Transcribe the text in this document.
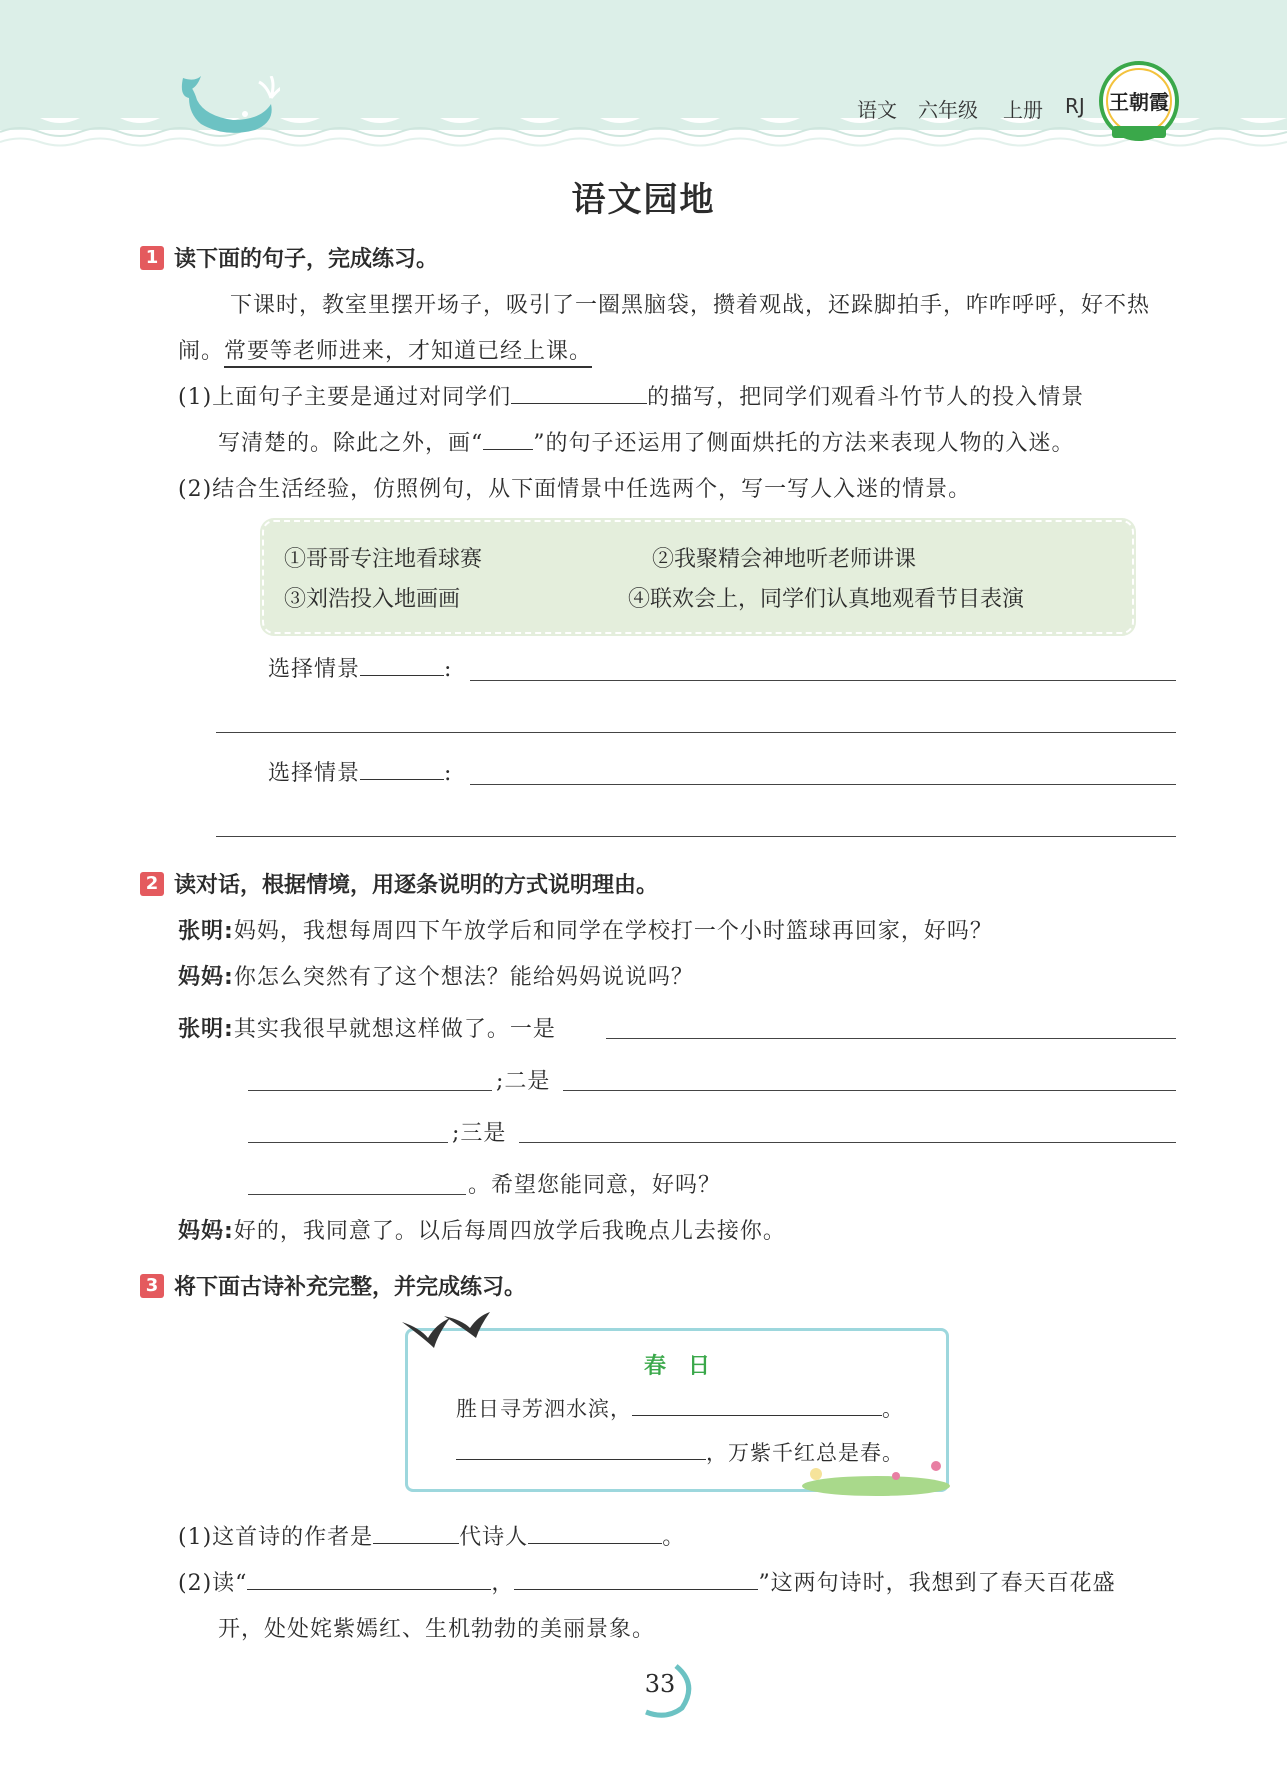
语文 六年级 上册 RJ	王朝霞
语文园地
1 读下面的句子，完成练习。
下课时，教室里摆开场子，吸引了一圈黑脑袋，攒着观战，还跺脚拍手，咋咋呼呼，好不热
闹。常要等老师进来，才知道已经上课。
(1)上面句子主要是通过对同学们	的描写，把同学们观看斗竹节人的投入情景
写清楚的。除此之外，画“ ”的句子还运用了侧面烘托的方法来表现人物的入迷。
(2)结合生活经验，仿照例句，从下面情景中任选两个，写一写人入迷的情景。
①哥哥专注地看球赛	②我聚精会神地听老师讲课
③刘浩投入地画画	④联欢会上，同学们认真地观看节目表演
选择情景	:
选择情景	:
2 读对话，根据情境，用逐条说明的方式说明理由。
张明:妈妈，我想每周四下午放学后和同学在学校打一个小时篮球再回家，好吗？
妈妈:你怎么突然有了这个想法？能给妈妈说说吗？
张明:其实我很早就想这样做了。一是
;二是
;三是
。希望您能同意，好吗？
妈妈:好的，我同意了。以后每周四放学后我晚点儿去接你。
3 将下面古诗补充完整，并完成练习。
春　日
胜日寻芳泗水滨，	。
，万紫千红总是春。
(1)这首诗的作者是	代诗人	。
(2)读“	，	”这两句诗时，我想到了春天百花盛
开，处处姹紫嫣红、生机勃勃的美丽景象。
33
